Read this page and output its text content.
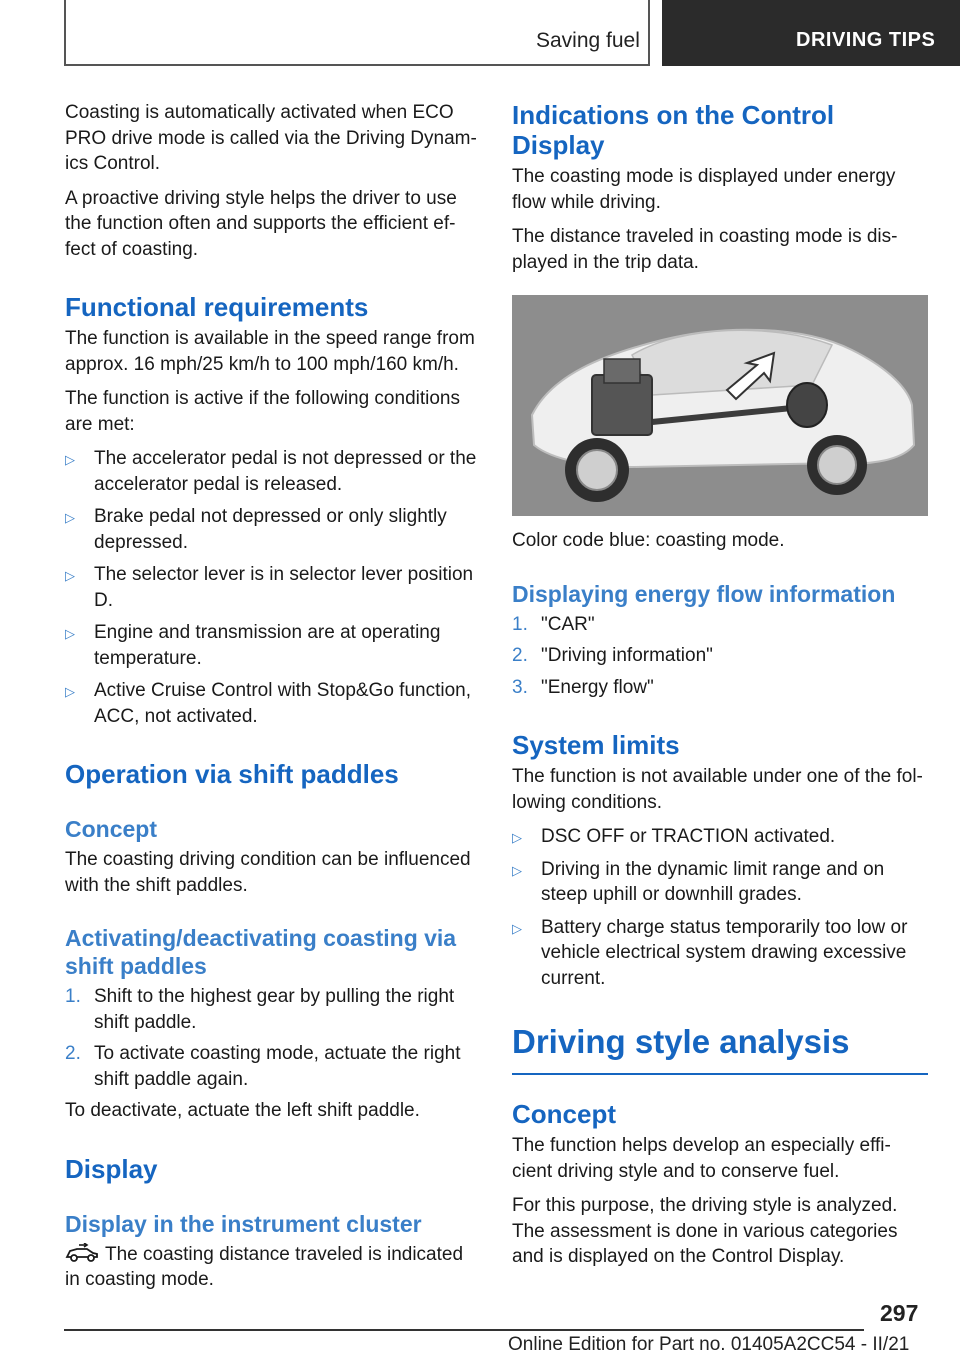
Saving fuel	DRIVING TIPS

Coasting is automatically activated when ECO PRO drive mode is called via the Driving Dynam‐ics Control.

A proactive driving style helps the driver to use the function often and supports the efficient ef‐fect of coasting.

Functional requirements

The function is available in the speed range from approx. 16 mph/25 km/h to 100 mph/160 km/h.

The function is active if the following conditions are met:

▷ The accelerator pedal is not depressed or the accelerator pedal is released.
▷ Brake pedal not depressed or only slightly depressed.
▷ The selector lever is in selector lever position D.
▷ Engine and transmission are at operating temperature.
▷ Active Cruise Control with Stop&Go function, ACC, not activated.
Operation via shift paddles
Concept

The coasting driving condition can be influenced with the shift paddles.

Activating/deactivating coasting via shift paddles
1. Shift to the highest gear by pulling the right shift paddle.
2. To activate coasting mode, actuate the right shift paddle again.

To deactivate, actuate the left shift paddle.

Display
Display in the instrument cluster

The coasting distance traveled is indicated in coasting mode.

Indications on the Control Display

The coasting mode is displayed under energy flow while driving.

The distance traveled in coasting mode is dis‐played in the trip data.

Color code blue: coasting mode.

Displaying energy flow information
1. "CAR"
2. "Driving information"
3. "Energy flow"
System limits

The function is not available under one of the fol‐lowing conditions.

▷ DSC OFF or TRACTION activated.
▷ Driving in the dynamic limit range and on steep uphill or downhill grades.
▷ Battery charge status temporarily too low or vehicle electrical system drawing excessive current.
Driving style analysis
Concept

The function helps develop an especially effi‐cient driving style and to conserve fuel.

For this purpose, the driving style is analyzed. The assessment is done in various categories and is displayed on the Control Display.

297
Online Edition for Part no. 01405A2CC54 - II/21
